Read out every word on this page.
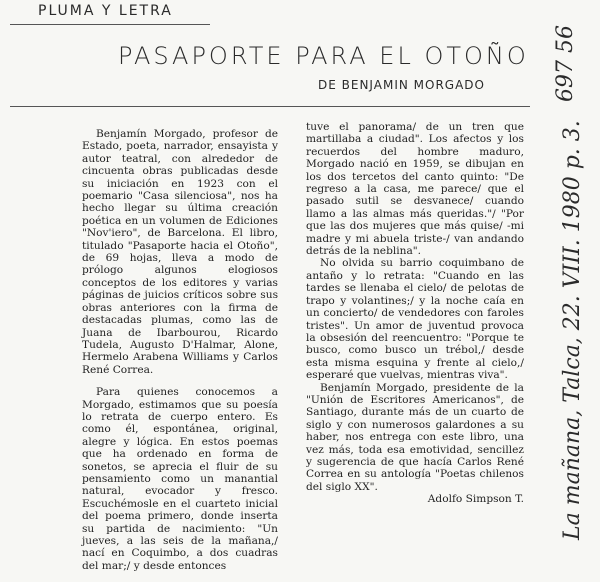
PLUMA Y LETRA
PASAPORTE PARA EL OTOÑO
DE BENJAMIN MORGADO

Benjamín Morgado, profesor de Estado, poeta, narrador, ensayista y autor teatral, con alrededor de cincuenta obras publicadas desde su iniciación en 1923 con el poemario "Casa silenciosa", nos ha hecho llegar su última creación poética en un volumen de Ediciones "Nov'iero", de Barcelona. El libro, titulado "Pasaporte hacia el Otoño", de 69 hojas, lleva a modo de prólogo algunos elogiosos conceptos de los editores y varias páginas de juicios críticos sobre sus obras anteriores con la firma de destacadas plumas, como las de Juana de Ibarbourou, Ricardo Tudela, Augusto D'Halmar, Alone, Hermelo Arabena Williams y Carlos René Correa.

Para quienes conocemos a Morgado, estimamos que su poesía lo retrata de cuerpo entero. Es como él, espontánea, original, alegre y lógica. En estos poemas que ha ordenado en forma de sonetos, se aprecia el fluir de su pensamiento como un manantial natural, evocador y fresco. Escuchémosle en el cuarteto inicial del poema primero, donde inserta su partida de nacimiento: "Un jueves, a las seis de la mañana,/ nací en Coquimbo, a dos cuadras del mar;/ y desde entonces

tuve el panorama/ de un tren que martillaba a ciudad". Los afectos y los recuerdos del hombre maduro, Morgado nació en 1959, se dibujan en los dos tercetos del canto quinto: "De regreso a la casa, me parece/ que el pasado sutil se desvanece/ cuando llamo a las almas más queridas."/ "Por que las dos mujeres que más quise/ -mi madre y mi abuela triste-/ van andando detrás de la neblina".

No olvida su barrio coquimbano de antaño y lo retrata: "Cuando en las tardes se llenaba el cielo/ de pelotas de trapo y volantines;/ y la noche caía en un concierto/ de vendedores con faroles tristes". Un amor de juventud provoca la obsesión del reencuentro: "Porque te busco, como busco un trébol,/ desde esta misma esquina y frente al cielo,/ esperaré que vuelvas, mientras viva".

Benjamín Morgado, presidente de la "Unión de Escritores Americanos", de Santiago, durante más de un cuarto de siglo y con numerosos galardones a su haber, nos entrega con este libro, una vez más, toda esa emotividad, sencillez y sugerencia de que hacía Carlos René Correa en su antología "Poetas chilenos del siglo XX".

Adolfo Simpson T.
697 56
La mañana, Talca, 22. VIII. 1980 p. 3.
